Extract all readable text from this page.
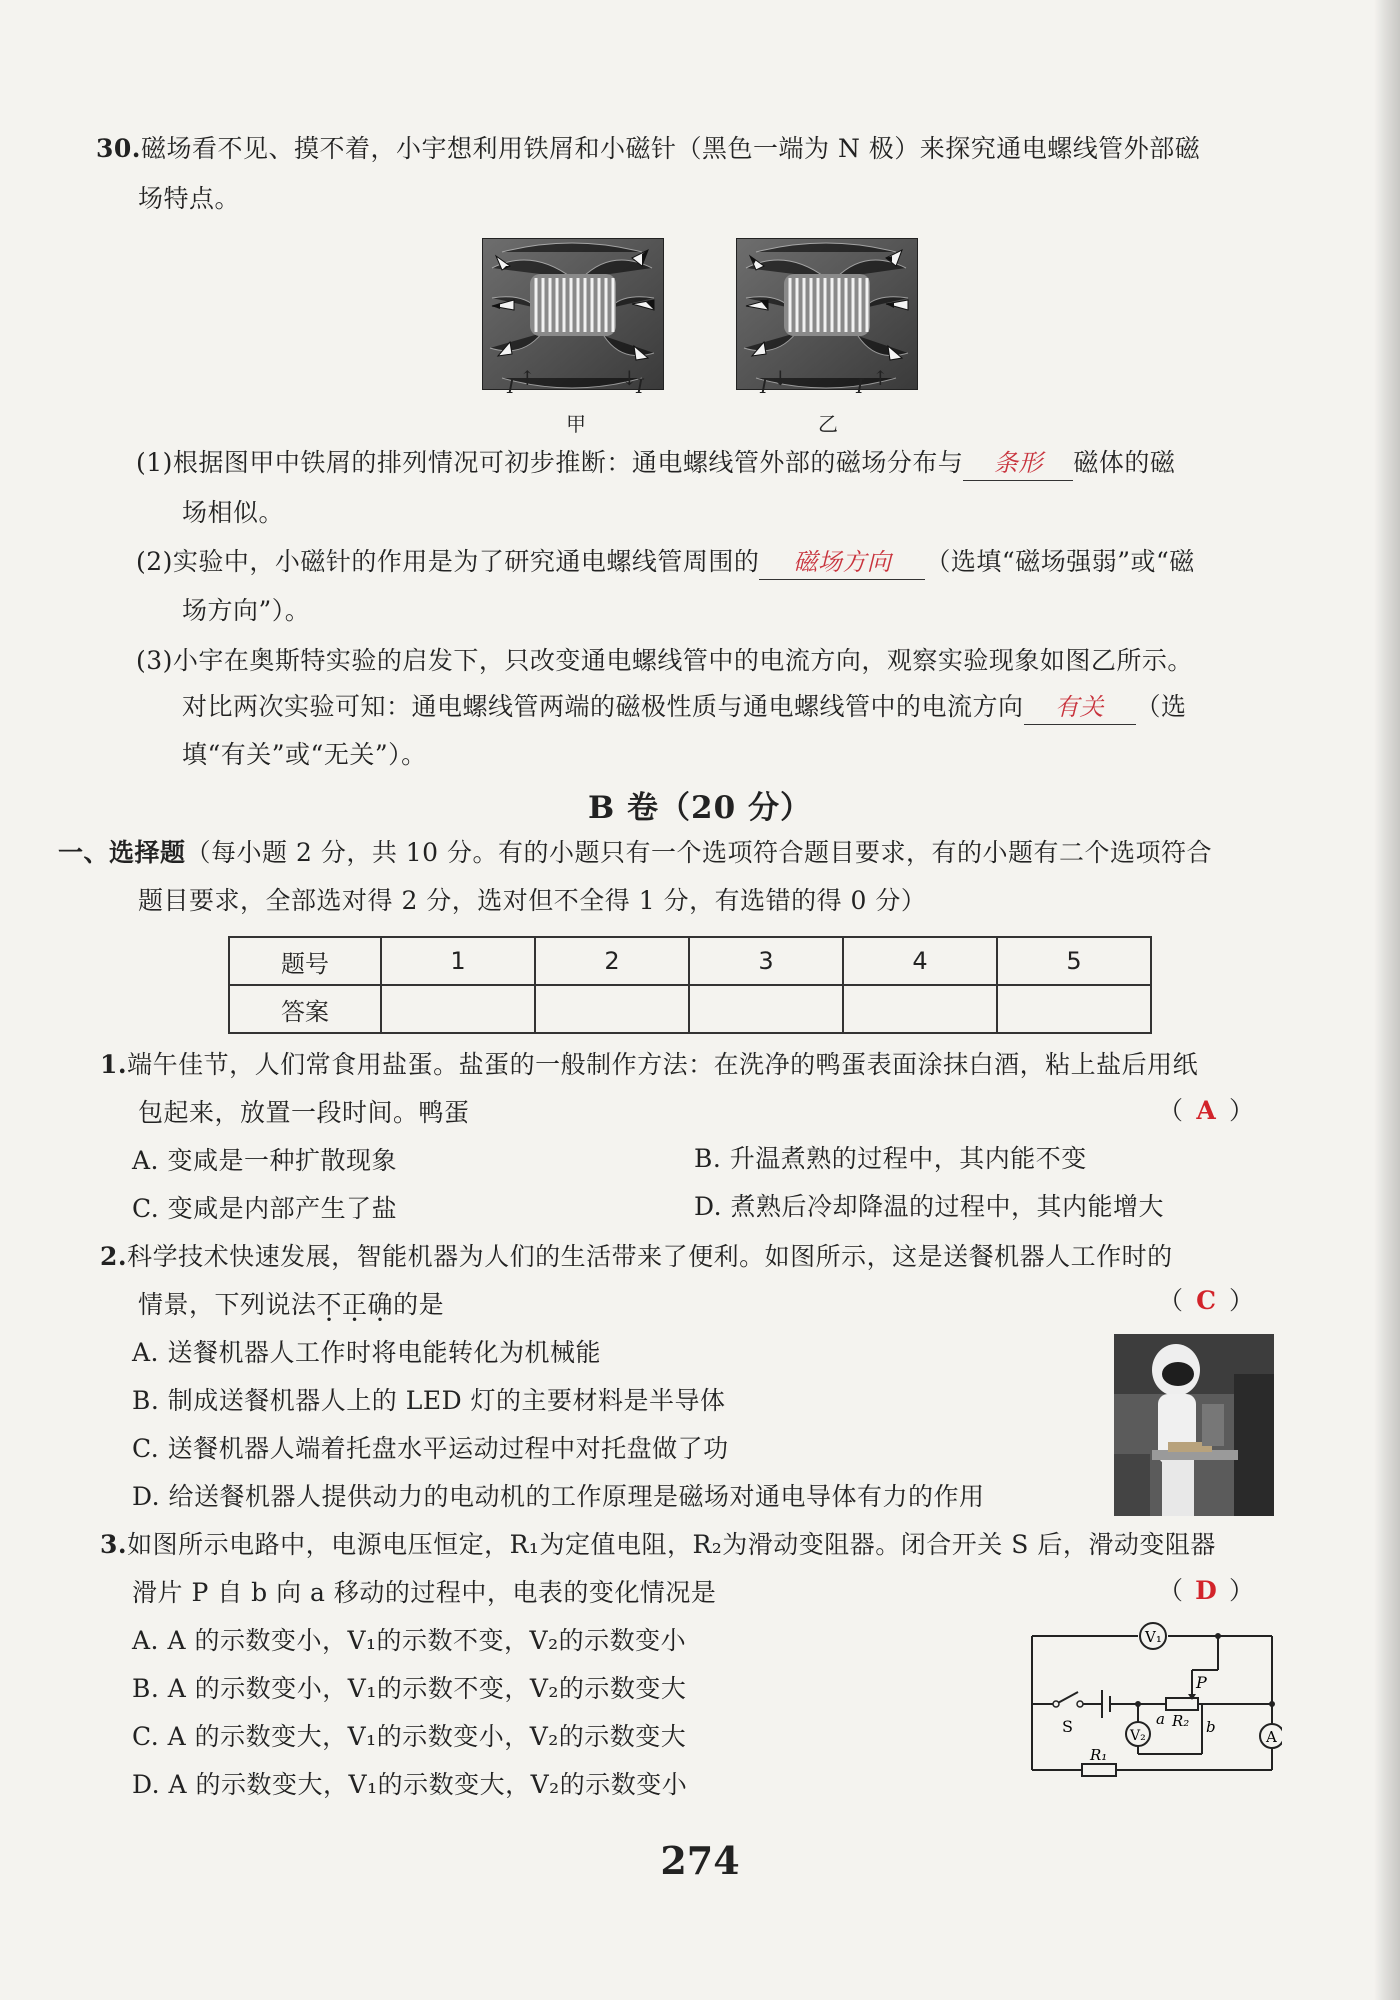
30.磁场看不见、摸不着，小宇想利用铁屑和小磁针（黑色一端为 N 极）来探究通电螺线管外部磁
场特点。
I ↑	↓
I
甲
I ↓	↑
I
乙
(1)根据图甲中铁屑的排列情况可初步推断：通电螺线管外部的磁场分布与 条形 磁体的磁
场相似。
(2)实验中，小磁针的作用是为了研究通电螺线管周围的 磁场方向 （选填“磁场强弱”或“磁
场方向”）。
(3)小宇在奥斯特实验的启发下，只改变通电螺线管中的电流方向，观察实验现象如图乙所示。
对比两次实验可知：通电螺线管两端的磁极性质与通电螺线管中的电流方向 有关 （选
填“有关”或“无关”）。
B 卷（20 分）
一、选择题（每小题 2 分，共 10 分。有的小题只有一个选项符合题目要求，有的小题有二个选项符合
题目要求，全部选对得 2 分，选对但不全得 1 分，有选错的得 0 分）
题号	1	2	3	4	5
答案					
1.端午佳节，人们常食用盐蛋。盐蛋的一般制作方法：在洗净的鸭蛋表面涂抹白酒，粘上盐后用纸
包起来，放置一段时间。鸭蛋	（ A ）
A. 变咸是一种扩散现象	B. 升温煮熟的过程中，其内能不变
C. 变咸是内部产生了盐	D. 煮熟后冷却降温的过程中，其内能增大
2.科学技术快速发展，智能机器为人们的生活带来了便利。如图所示，这是送餐机器人工作时的
情景，下列说法不正确的是	（ C ）
A. 送餐机器人工作时将电能转化为机械能
B. 制成送餐机器人上的 LED 灯的主要材料是半导体
C. 送餐机器人端着托盘水平运动过程中对托盘做了功
D. 给送餐机器人提供动力的电动机的工作原理是磁场对通电导体有力的作用
3.如图所示电路中，电源电压恒定，R₁为定值电阻，R₂为滑动变阻器。闭合开关 S 后，滑动变阻器
滑片 P 自 b 向 a 移动的过程中，电表的变化情况是	（ D ）
A. A 的示数变小，V₁的示数不变，V₂的示数变小
B. A 的示数变小，V₁的示数不变，V₂的示数变大
C. A 的示数变大，V₁的示数变小，V₂的示数变大
D. A 的示数变大，V₁的示数变大，V₂的示数变小
V₁
V₂	A
S
P
a	b
R₁
R₂
274
